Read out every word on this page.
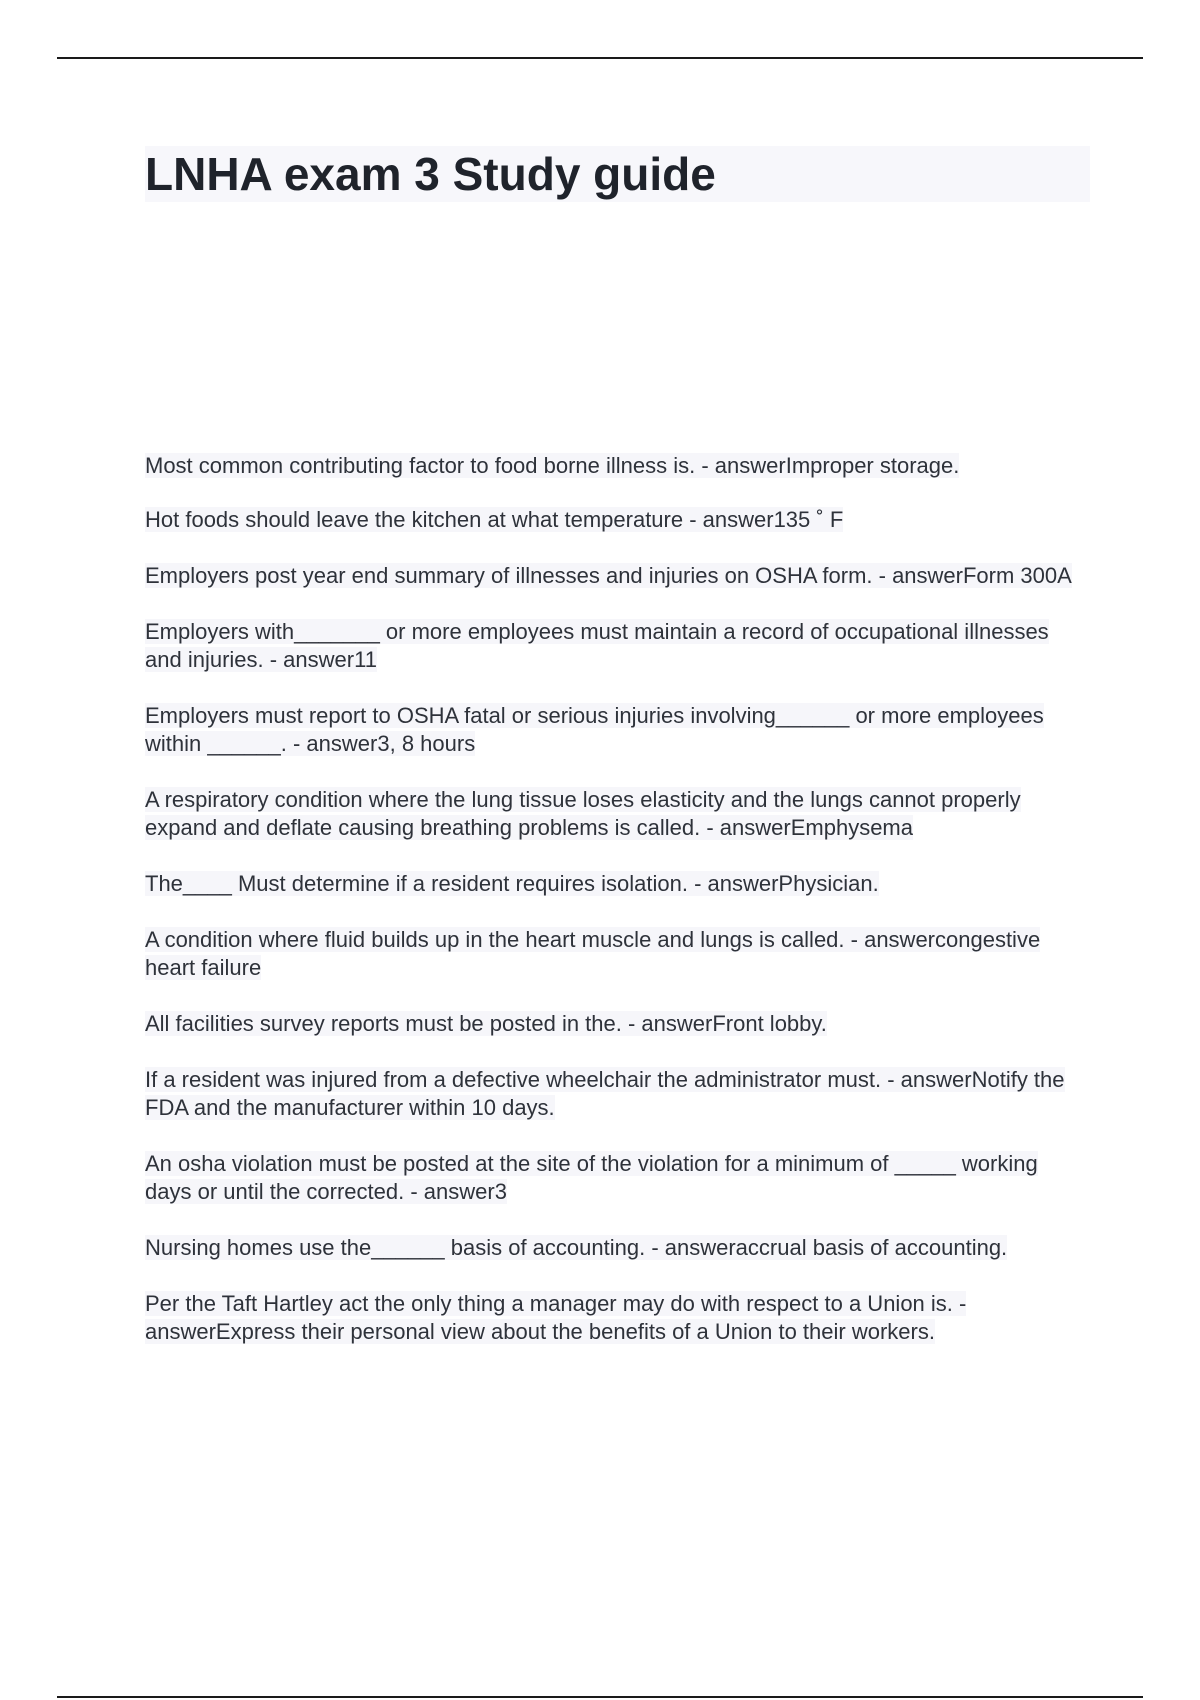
LNHA exam 3 Study guide
Most common contributing factor to food borne illness is. - answerImproper storage.
Hot foods should leave the kitchen at what temperature - answer135 ˚ F
Employers post year end summary of illnesses and injuries on OSHA form. - answerForm 300A
Employers with_______ or more employees must maintain a record of occupational illnesses and injuries. - answer11
Employers must report to OSHA fatal or serious injuries involving______ or more employees within ______. - answer3, 8 hours
A respiratory condition where the lung tissue loses elasticity and the lungs cannot properly expand and deflate causing breathing problems is called. - answerEmphysema
The____ Must determine if a resident requires isolation. - answerPhysician.
A condition where fluid builds up in the heart muscle and lungs is called. - answercongestive heart failure
All facilities survey reports must be posted in the. - answerFront lobby.
If a resident was injured from a defective wheelchair the administrator must. - answerNotify the FDA and the manufacturer within 10 days.
An osha violation must be posted at the site of the violation for a minimum of _____ working days or until the corrected. - answer3
Nursing homes use the______ basis of accounting. - answeraccrual basis of accounting.
Per the Taft Hartley act the only thing a manager may do with respect to a Union is. - answerExpress their personal view about the benefits of a Union to their workers.
